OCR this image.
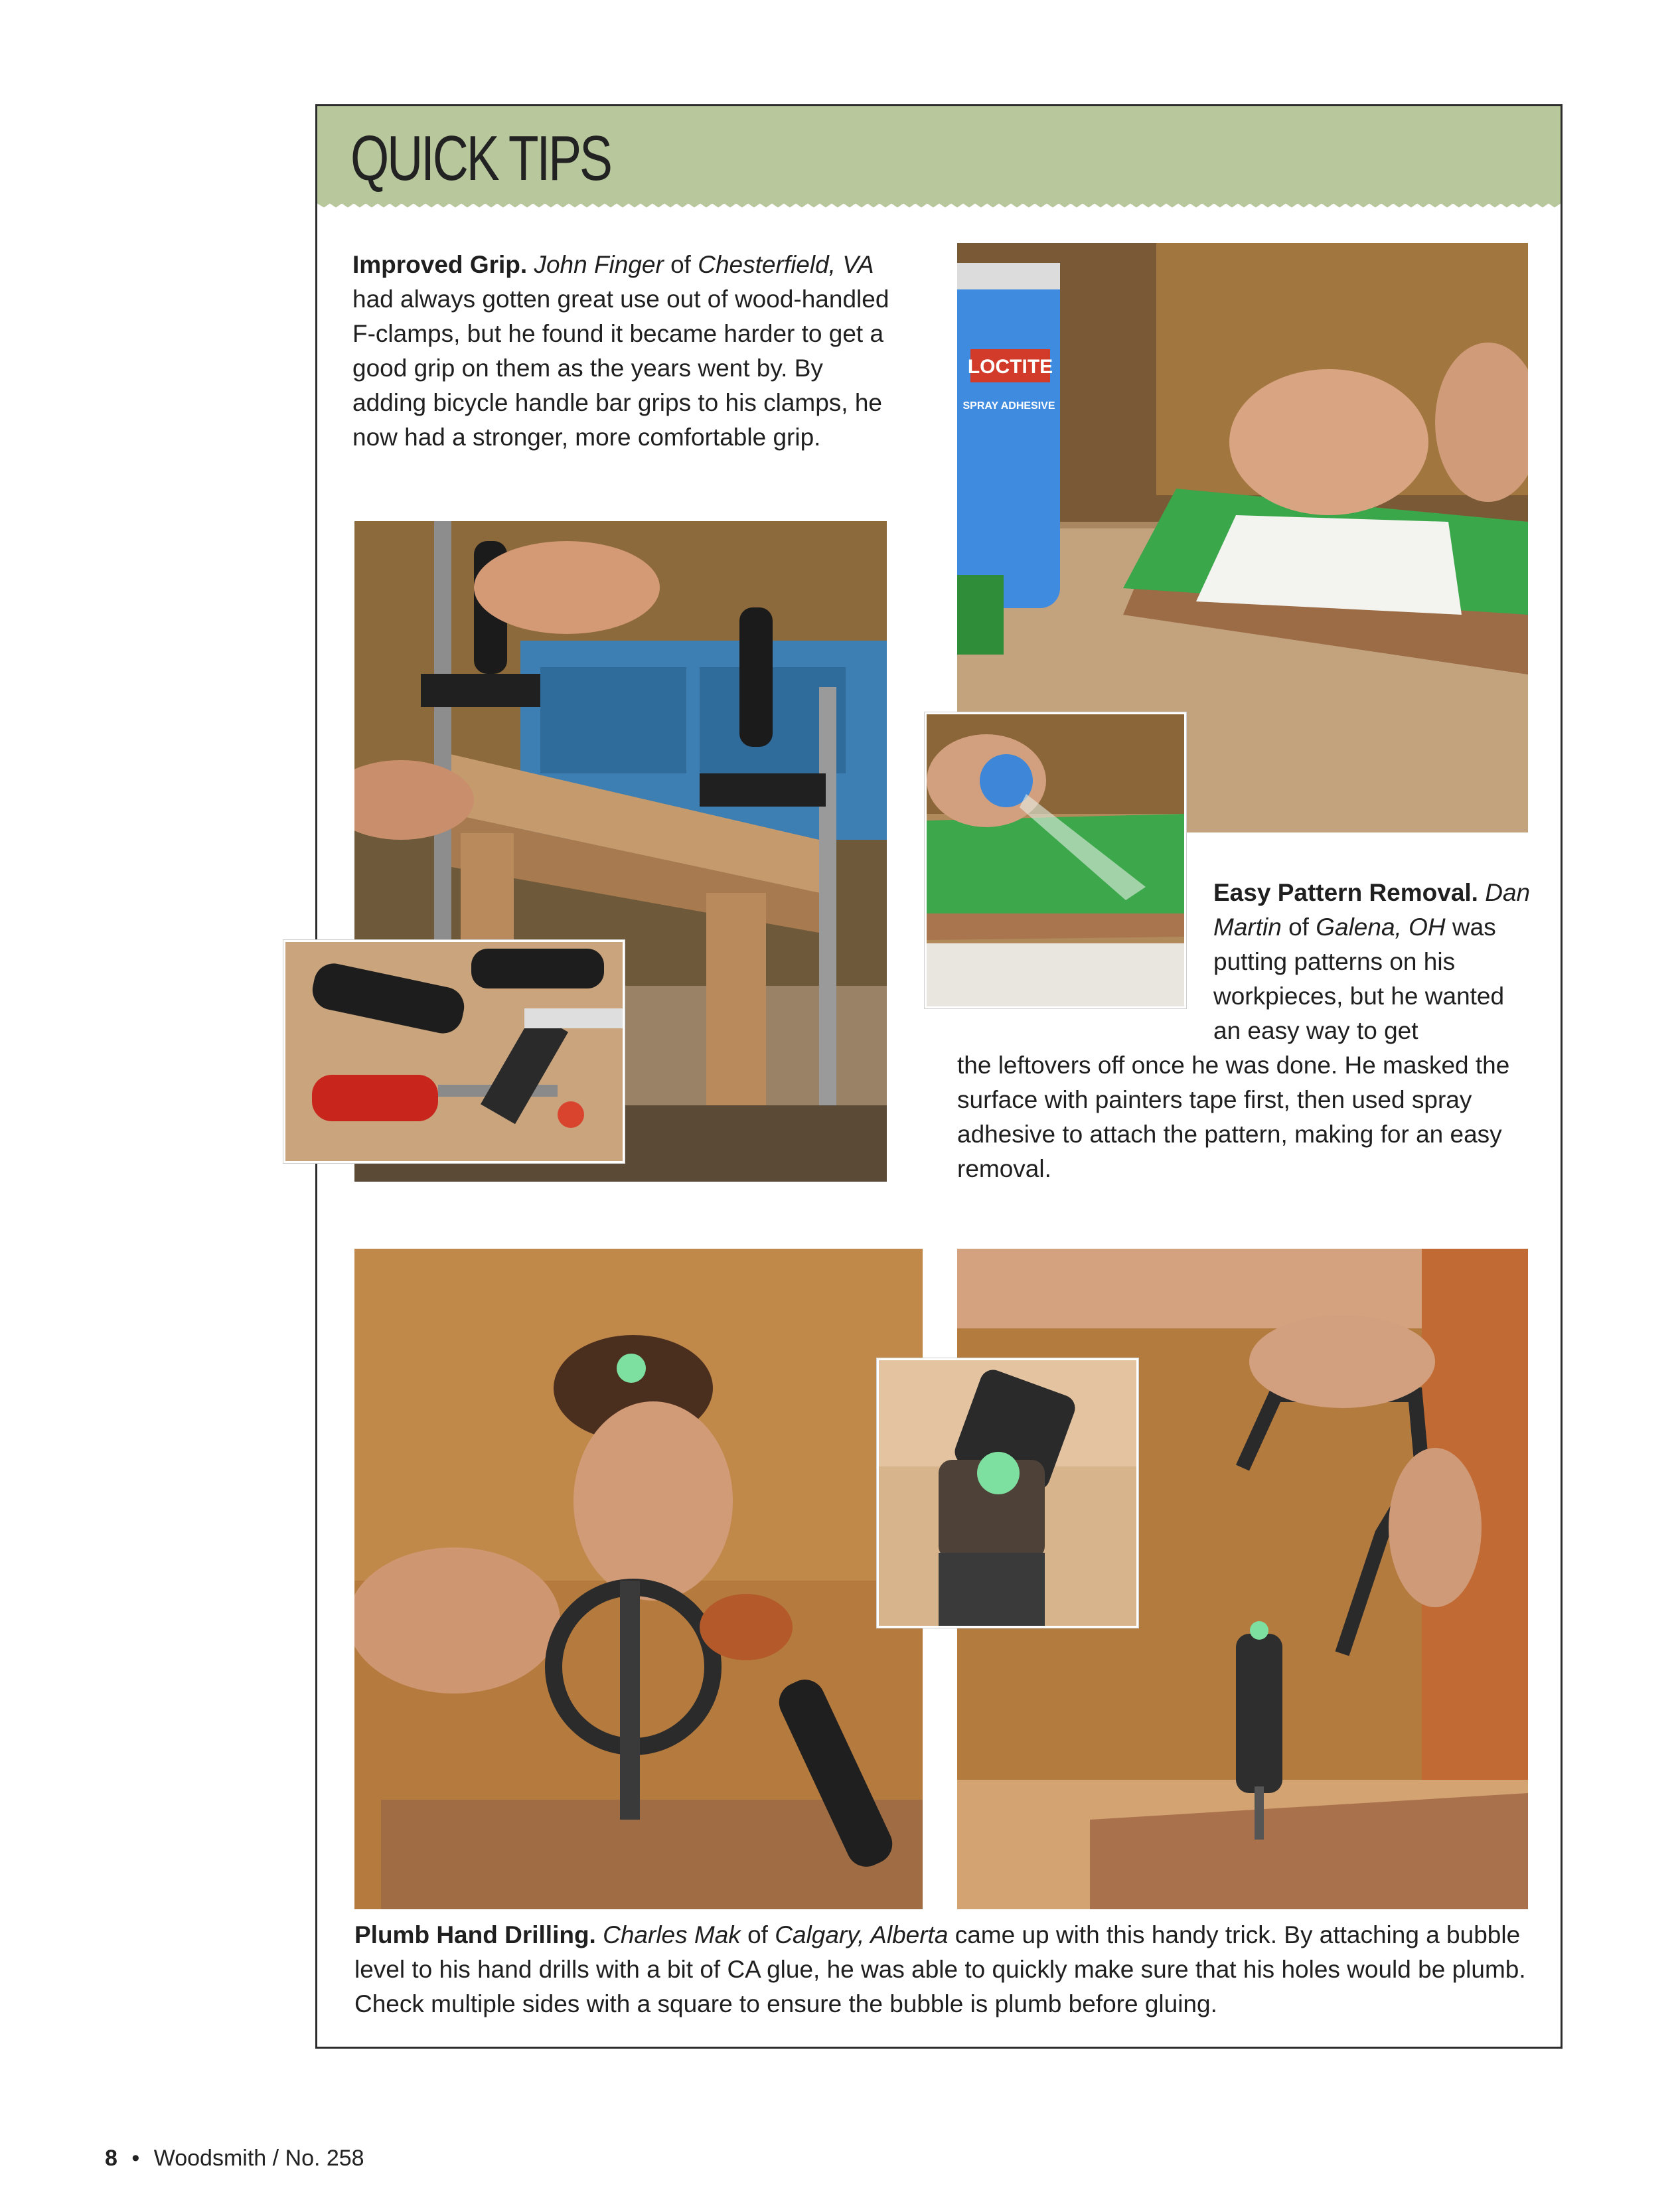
QUICK TIPS
Improved Grip. John Finger of Chesterfield, VA had always gotten great use out of wood-handled F-clamps, but he found it became harder to get a good grip on them as the years went by. By adding bicycle handle bar grips to his clamps, he now had a stronger, more comfortable grip.
LOCTITE
SPRAY ADHESIVE
Easy Pattern Removal. Dan Martin of Galena, OH was putting patterns on his workpieces, but he wanted an easy way to get
the leftovers off once he was done. He masked the surface with painters tape first, then used spray adhesive to attach the pattern, making for an easy removal.
Plumb Hand Drilling. Charles Mak of Calgary, Alberta came up with this handy trick. By attaching a bubble level to his hand drills with a bit of CA glue, he was able to quickly make sure that his holes would be plumb. Check multiple sides with a square to ensure the bubble is plumb before gluing.
8 • Woodsmith / No. 258
